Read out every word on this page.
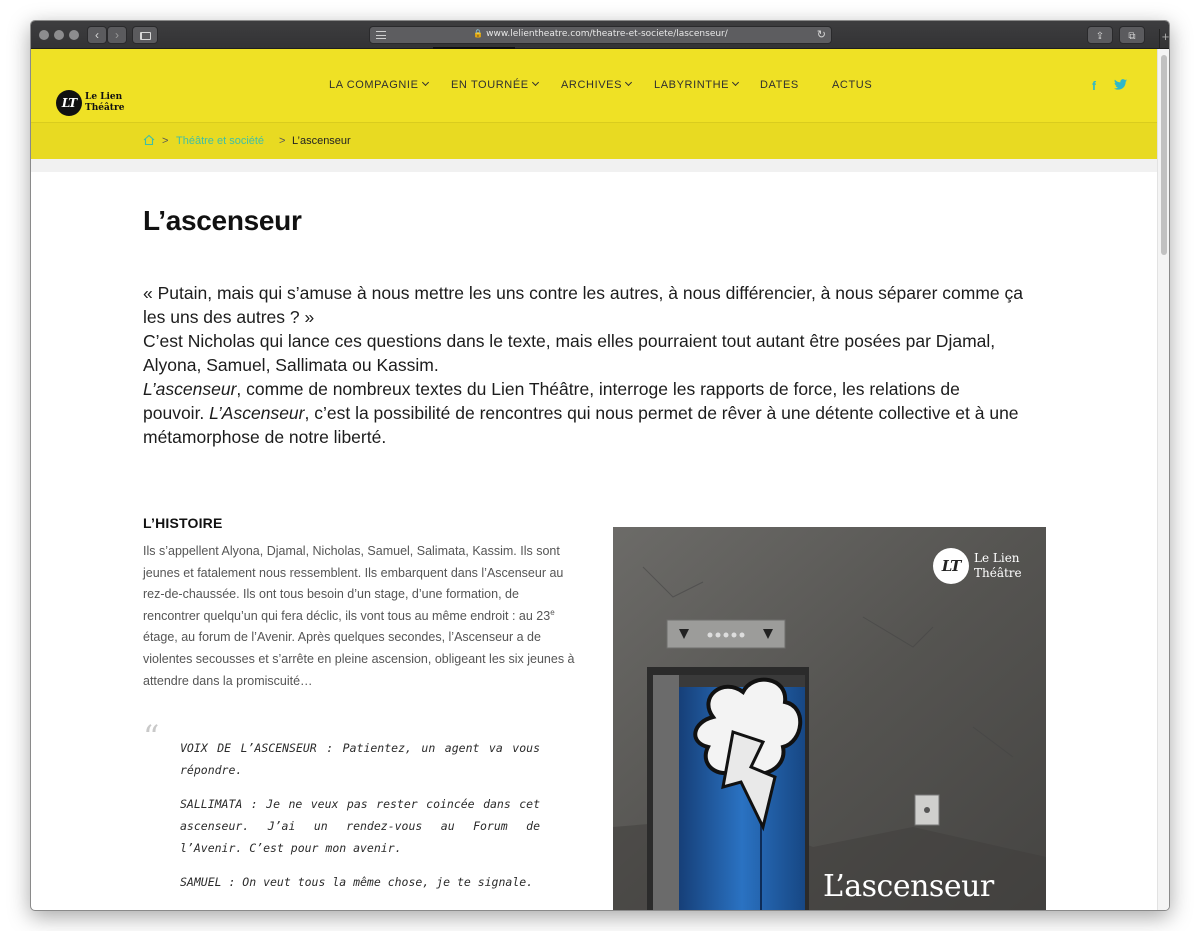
‹	›	🔒 www.lelientheatre.com/theatre-et-societe/lascenseur/	↻	⇪	⧉	+
LT Le Lien
Théâtre
LA COMPAGNIE	EN TOURNÉE	ARCHIVES	LABYRINTHE	DATES	ACTUS	f
> Théâtre et société > L’ascenseur
L’ascenseur

« Putain, mais qui s’amuse à nous mettre les uns contre les autres, à nous différencier, à nous séparer comme ça les uns des autres ? »

C’est Nicholas qui lance ces questions dans le texte, mais elles pourraient tout autant être posées par Djamal, Alyona, Samuel, Sallimata ou Kassim.

L’ascenseur, comme de nombreux textes du Lien Théâtre, interroge les rapports de force, les relations de pouvoir. L’Ascenseur, c’est la possibilité de rencontres qui nous permet de rêver à une détente collective et à une métamorphose de notre liberté.

L’HISTOIRE

Ils s’appellent Alyona, Djamal, Nicholas, Samuel, Salimata, Kassim. Ils sont jeunes et fatalement nous ressemblent. Ils embarquent dans l’Ascenseur au rez-de-chaussée. Ils ont tous besoin d’un stage, d’une formation, de rencontrer quelqu’un qui fera déclic, ils vont tous au même endroit : au 23e étage, au forum de l’Avenir. Après quelques secondes, l’Ascenseur a de violentes secousses et s’arrête en pleine ascension, obligeant les six jeunes à attendre dans la promiscuité…

“ VOIX DE L’ASCENSEUR : Patientez, un agent va vous répondre.

SALLIMATA : Je ne veux pas rester coincée dans cet ascenseur. J’ai un rendez-vous au Forum de l’Avenir. C’est pour mon avenir.

SAMUEL : On veut tous la même chose, je te signale.

LT	Le Lien
Théâtre
L’ascenseur
